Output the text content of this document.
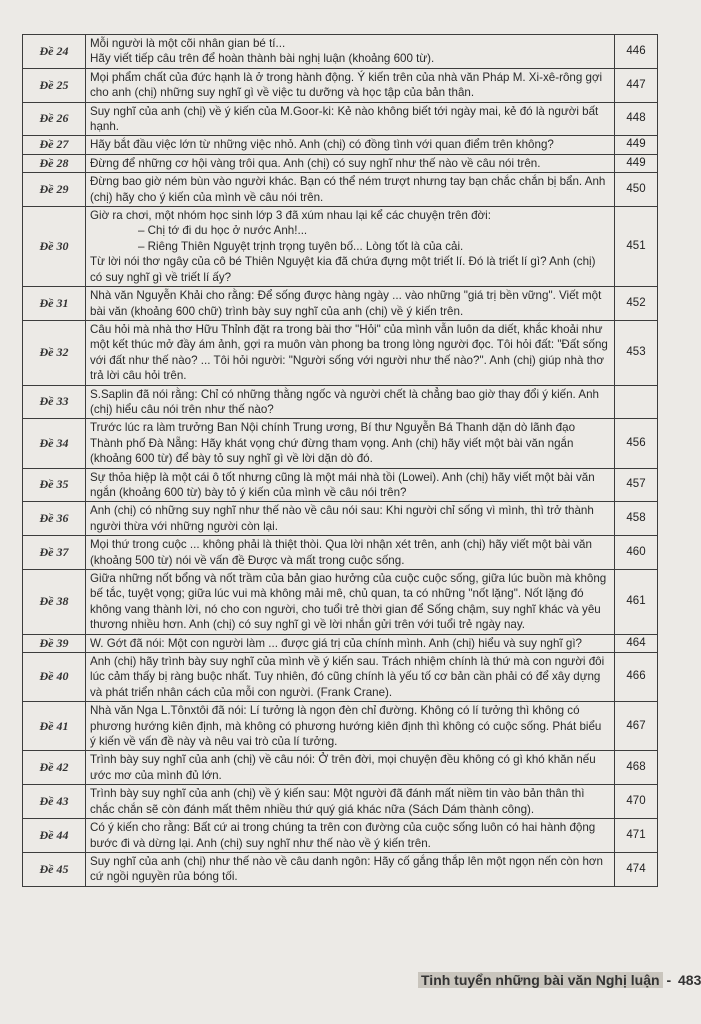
Đề 24	Mỗi người là một cõi nhân gian bé tí...

Hãy viết tiếp câu trên để hoàn thành bài nghị luận (khoảng 600 từ).	446
Đề 25	Mọi phẩm chất của đức hạnh là ở trong hành động. Ý kiến trên của nhà văn Pháp M. Xi-xê-rông gợi cho anh (chị) những suy nghĩ gì về việc tu dưỡng và học tập của bản thân.	447
Đề 26	Suy nghĩ của anh (chị) về ý kiến của M.Goor-ki: Kẻ nào không biết tới ngày mai, kẻ đó là người bất hạnh.	448
Đề 27	Hãy bắt đầu việc lớn từ những việc nhỏ. Anh (chị) có đồng tình với quan điểm trên không?	449
Đề 28	Đừng để những cơ hội vàng trôi qua. Anh (chị) có suy nghĩ như thế nào về câu nói trên.	449
Đề 29	Đừng bao giờ ném bùn vào người khác. Bạn có thể ném trượt nhưng tay bạn chắc chắn bị bẩn. Anh (chị) hãy cho ý kiến của mình về câu nói trên.	450
Đề 30	Giờ ra chơi, một nhóm học sinh lớp 3 đã xúm nhau lại kể các chuyện trên đời:

– Chị tớ đi du học ở nước Anh!...

– Riêng Thiên Nguyệt trịnh trọng tuyên bố... Lòng tốt là của cải.

Từ lời nói thơ ngây của cô bé Thiên Nguyệt kia đã chứa đựng một triết lí. Đó là triết lí gì? Anh (chị) có suy nghĩ gì về triết lí ấy?	451
Đề 31	Nhà văn Nguyễn Khải cho rằng: Để sống được hàng ngày ... vào những "giá trị bền vững". Viết một bài văn (khoảng 600 chữ) trình bày suy nghĩ của anh (chị) về ý kiến trên.	452
Đề 32	Câu hỏi mà nhà thơ Hữu Thỉnh đặt ra trong bài thơ "Hỏi" của mình vẫn luôn da diết, khắc khoải như một kết thúc mở đầy ám ảnh, gợi ra muôn vàn phong ba trong lòng người đọc. Tôi hỏi đất: "Đất sống với đất như thế nào? ... Tôi hỏi người: "Người sống với người như thế nào?". Anh (chị) giúp nhà thơ trả lời câu hỏi trên.	453
Đề 33	S.Saplin đã nói rằng: Chỉ có những thằng ngốc và người chết là chẳng bao giờ thay đổi ý kiến. Anh (chị) hiểu câu nói trên như thế nào?	

Đề 34	Trước lúc ra làm trưởng Ban Nội chính Trung ương, Bí thư Nguyễn Bá Thanh dặn dò lãnh đạo Thành phố Đà Nẵng: Hãy khát vọng chứ đừng tham vọng. Anh (chị) hãy viết một bài văn ngắn (khoảng 600 từ) để bày tỏ suy nghĩ gì về lời dặn dò đó.	456
Đề 35	Sự thỏa hiệp là một cái ô tốt nhưng cũng là một mái nhà tồi (Lowei). Anh (chị) hãy viết một bài văn ngắn (khoảng 600 từ) bày tỏ ý kiến của mình về câu nói trên?	457
Đề 36	Anh (chị) có những suy nghĩ như thế nào về câu nói sau: Khi người chỉ sống vì mình, thì trở thành người thừa với những người còn lại.	458
Đề 37	Mọi thứ trong cuộc ... không phải là thiệt thòi. Qua lời nhận xét trên, anh (chị) hãy viết một bài văn (khoảng 500 từ) nói về vấn đề Được và mất trong cuộc sống.	460
Đề 38	Giữa những nốt bổng và nốt trầm của bản giao hưởng của cuộc cuộc sống, giữa lúc buồn mà không bế tắc, tuyệt vọng; giữa lúc vui mà không mải mê, chủ quan, ta có những "nốt lặng". Nốt lặng đó không vang thành lời, nó cho con người, cho tuổi trẻ thời gian để Sống chậm, suy nghĩ khác và yêu thương nhiều hơn. Anh (chị) có suy nghĩ gì về lời nhắn gửi trên với tuổi trẻ ngày nay.	461
Đề 39	W. Gớt đã nói: Một con người làm ... được giá trị của chính mình. Anh (chị) hiểu và suy nghĩ gì?	464
Đề 40	Anh (chị) hãy trình bày suy nghĩ của mình về ý kiến sau. Trách nhiệm chính là thứ mà con người đôi lúc cảm thấy bị ràng buộc nhất. Tuy nhiên, đó cũng chính là yếu tố cơ bản cần phải có để xây dựng và phát triển nhân cách của mỗi con người. (Frank Crane).	466
Đề 41	Nhà văn Nga L.Tônxtôi đã nói: Lí tưởng là ngọn đèn chỉ đường. Không có lí tưởng thì không có phương hướng kiên định, mà không có phương hướng kiên định thì không có cuộc sống. Phát biểu ý kiến về vấn đề này và nêu vai trò của lí tưởng.	467
Đề 42	Trình bày suy nghĩ của anh (chị) về câu nói: Ở trên đời, mọi chuyện đều không có gì khó khăn nếu ước mơ của mình đủ lớn.	468
Đề 43	Trình bày suy nghĩ của anh (chị) về ý kiến sau: Một người đã đánh mất niềm tin vào bản thân thì chắc chắn sẽ còn đánh mất thêm nhiều thứ quý giá khác nữa (Sách Dám thành công).	470
Đề 44	Có ý kiến cho rằng: Bất cứ ai trong chúng ta trên con đường của cuộc sống luôn có hai hành động bước đi và dừng lại. Anh (chị) suy nghĩ như thế nào về ý kiến trên.	471
Đề 45	Suy nghĩ của anh (chị) như thế nào về câu danh ngôn: Hãy cố gắng thắp lên một ngọn nến còn hơn cứ ngồi nguyền rủa bóng tối.	474
Tinh tuyển những bài văn Nghị luận - 483
